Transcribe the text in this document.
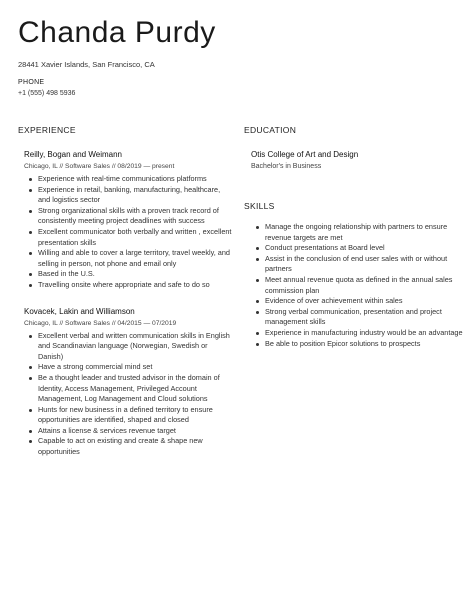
Chanda Purdy
28441 Xavier Islands, San Francisco, CA
PHONE
+1 (555) 498 5936
EXPERIENCE
Reilly, Bogan and Weimann
Chicago, IL // Software Sales // 08/2019 — present
Experience with real-time communications platforms
Experience in retail, banking, manufacturing, healthcare, and logistics sector
Strong organizational skills with a proven track record of consistently meeting project deadlines with success
Excellent communicator both verbally and written , excellent presentation skills
Willing and able to cover a large territory, travel weekly, and selling in person, not phone and email only
Based in the U.S.
Travelling onsite where appropriate and safe to do so
Kovacek, Lakin and Williamson
Chicago, IL // Software Sales // 04/2015 — 07/2019
Excellent verbal and written communication skills in English and Scandinavian language (Norwegian, Swedish or Danish)
Have a strong commercial mind set
Be a thought leader and trusted advisor in the domain of Identity, Access Management, Privileged Account Management, Log Management and Cloud solutions
Hunts for new business in a defined territory to ensure opportunities are identified, shaped and closed
Attains a license & services revenue target
Capable to act on existing and create & shape new opportunities
EDUCATION
Otis College of Art and Design
Bachelor's in Business
SKILLS
Manage the ongoing relationship with partners to ensure revenue targets are met
Conduct presentations at Board level
Assist in the conclusion of end user sales with or without partners
Meet annual revenue quota as defined in the annual sales commission plan
Evidence of over achievement within sales
Strong verbal communication, presentation and project management skills
Experience in manufacturing industry would be an advantage
Be able to position Epicor solutions to prospects
